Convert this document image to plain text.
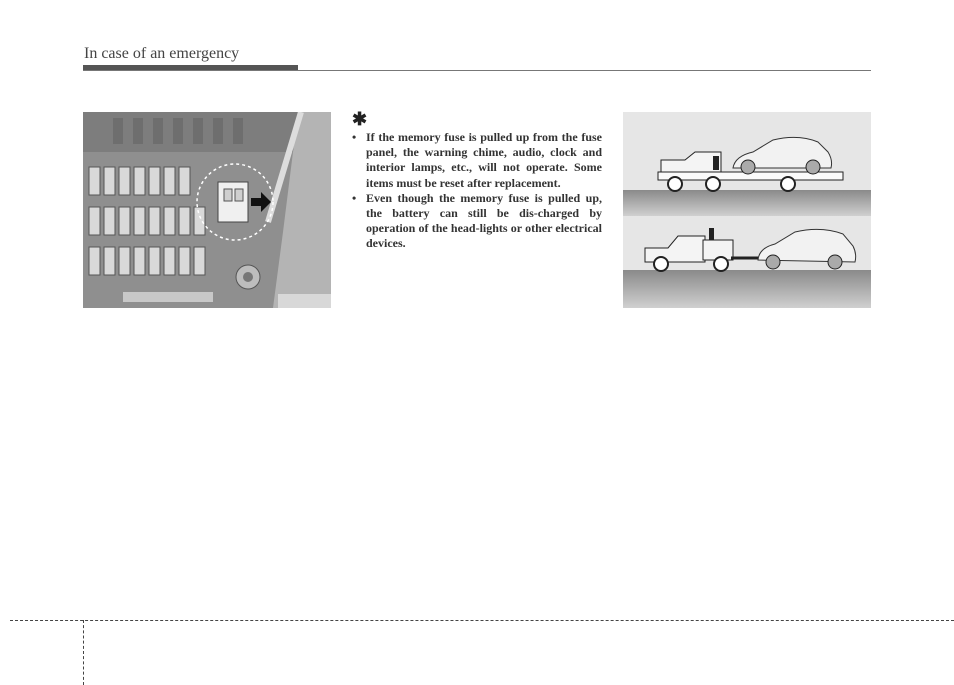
In case of an emergency
✱
• If the memory fuse is pulled up from the fuse panel, the warning chime, audio, clock and interior lamps, etc., will not operate. Some items must be reset after replacement.
• Even though the memory fuse is pulled up, the battery can still be dis-charged by operation of the head-lights or other electrical devices.
